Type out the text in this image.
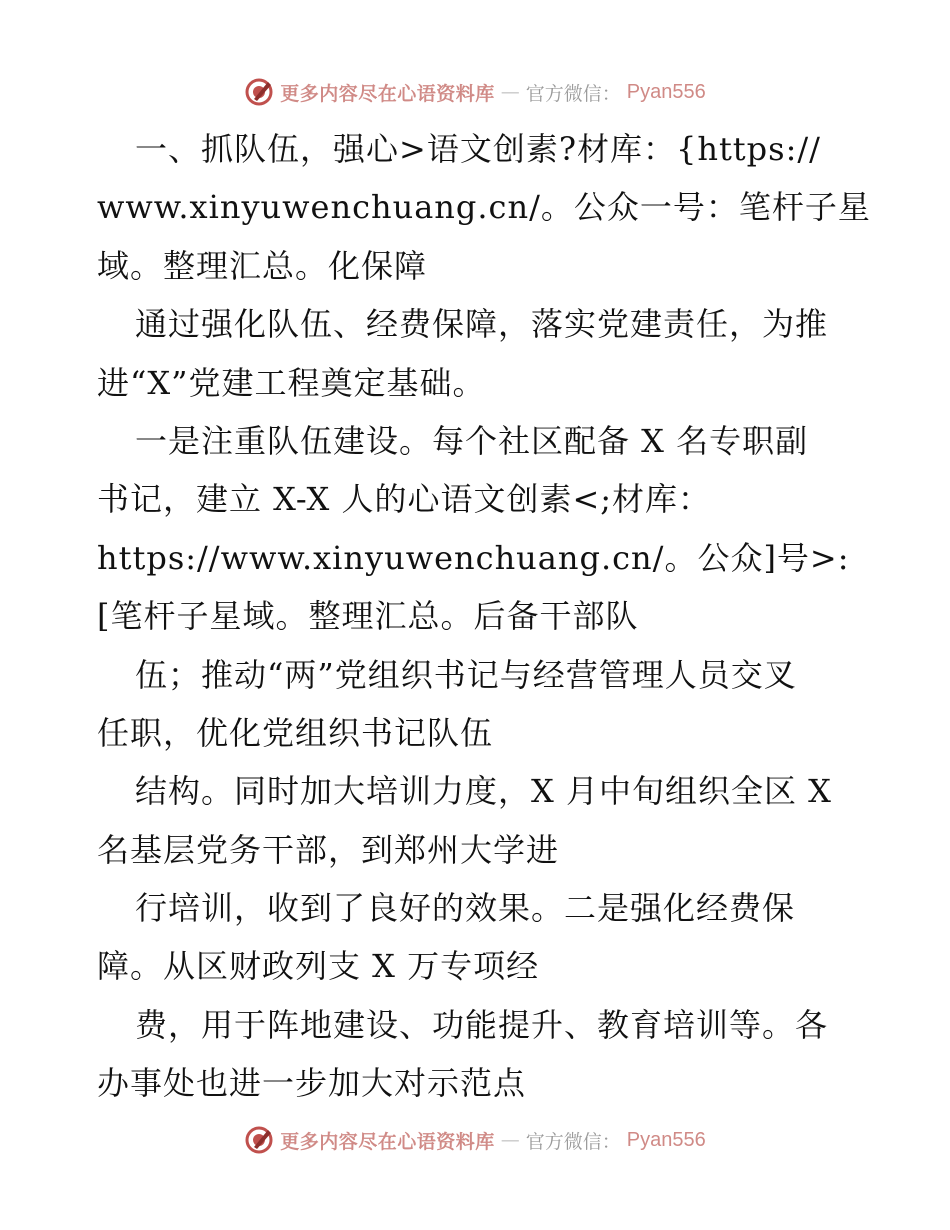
更多内容尽在心语资料库 — 官方微信： Pyan556
一、抓队伍，强心>语文创素?材库：{https://
www.xinyuwenchuang.cn/。公众一号：笔杆子星
域。整理汇总。化保障
通过强化队伍、经费保障，落实党建责任，为推
进“X”党建工程奠定基础。
一是注重队伍建设。每个社区配备 X 名专职副
书记，建立 X-X 人的心语文创素<;材库：
https://www.xinyuwenchuang.cn/。公众]号>:
[笔杆子星域。整理汇总。后备干部队
伍；推动“两”党组织书记与经营管理人员交叉
任职，优化党组织书记队伍
结构。同时加大培训力度，X 月中旬组织全区 X
名基层党务干部，到郑州大学进
行培训，收到了良好的效果。二是强化经费保
障。从区财政列支 X 万专项经
费，用于阵地建设、功能提升、教育培训等。各
办事处也进一步加大对示范点
更多内容尽在心语资料库 — 官方微信： Pyan556
